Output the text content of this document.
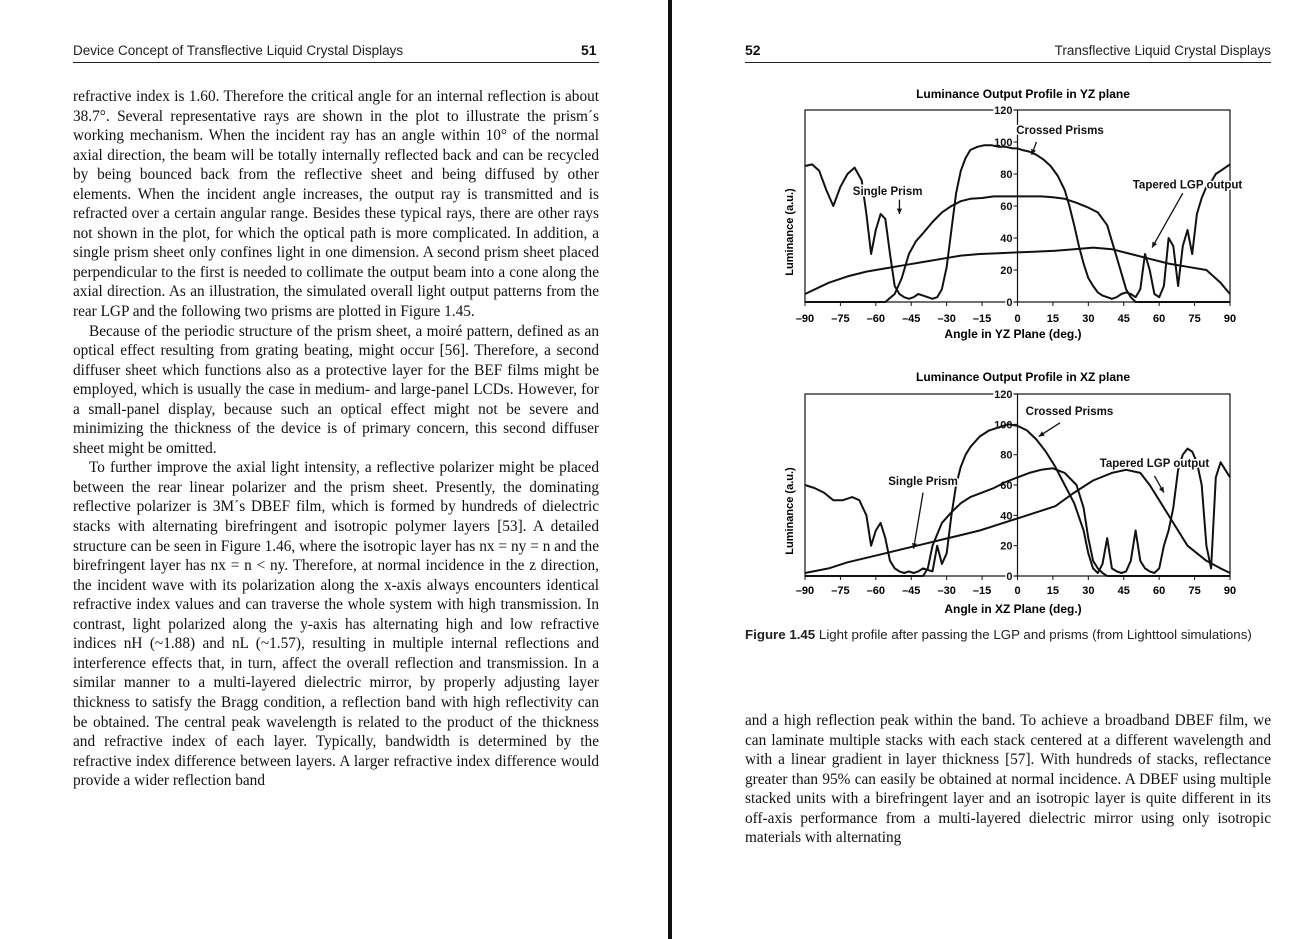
Device Concept of Transflective Liquid Crystal Displays	51

refractive index is 1.60. Therefore the critical angle for an internal reflection is about 38.7°. Several representative rays are shown in the plot to illustrate the prism´s working mechanism. When the incident ray has an angle within 10° of the normal axial direction, the beam will be totally internally reflected back and can be recycled by being bounced back from the reflective sheet and being diffused by other elements. When the incident angle increases, the output ray is transmitted and is refracted over a certain angular range. Besides these typical rays, there are other rays not shown in the plot, for which the optical path is more complicated. In addition, a single prism sheet only confines light in one dimension. A second prism sheet placed perpendicular to the first is needed to collimate the output beam into a cone along the axial direction. As an illustration, the simulated overall light output patterns from the rear LGP and the following two prisms are plotted in Figure 1.45.

Because of the periodic structure of the prism sheet, a moiré pattern, defined as an optical effect resulting from grating beating, might occur [56]. Therefore, a second diffuser sheet which functions also as a protective layer for the BEF films might be employed, which is usually the case in medium- and large-panel LCDs. However, for a small-panel display, because such an optical effect might not be severe and minimizing the thickness of the device is of primary concern, this second diffuser sheet might be omitted.

To further improve the axial light intensity, a reflective polarizer might be placed between the rear linear polarizer and the prism sheet. Presently, the dominating reflective polarizer is 3M´s DBEF film, which is formed by hundreds of dielectric stacks with alternating birefringent and isotropic polymer layers [53]. A detailed structure can be seen in Figure 1.46, where the isotropic layer has nx = ny = n and the birefringent layer has nx = n < ny. Therefore, at normal incidence in the z direction, the incident wave with its polarization along the x-axis always encounters identical refractive index values and can traverse the whole system with high transmission. In contrast, light polarized along the y-axis has alternating high and low refractive indices nH (~1.88) and nL (~1.57), resulting in multiple internal reflections and interference effects that, in turn, affect the overall reflection and transmission. In a similar manner to a multi-layered dielectric mirror, by properly adjusting layer thickness to satisfy the Bragg condition, a reflection band with high reflectivity can be obtained. The central peak wavelength is related to the product of the thickness and refractive index of each layer. Typically, bandwidth is determined by the refractive index difference between layers. A larger refractive index difference would provide a wider reflection band

52	Transflective Liquid Crystal Displays
Luminance Output Profile in YZ plane
Angle in YZ Plane (deg.)
Luminance (a.u.)
–90 –75 –60 –45 –30 –15 0 15 30 45 60 75 90
0
20
40
60
80
100
120
Crossed Prisms
Single Prism
Tapered LGP output
Luminance Output Profile in XZ plane
Angle in XZ Plane (deg.)
Luminance (a.u.)
–90 –75 –60 –45 –30 –15 0 15 30 45 60 75 90
0
20
40
60
80
100
120
Crossed Prisms
Single Prism
Tapered LGP output
Figure 1.45 Light profile after passing the LGP and prisms (from Lighttool simulations)

and a high reflection peak within the band. To achieve a broadband DBEF film, we can laminate multiple stacks with each stack centered at a different wavelength and with a linear gradient in layer thickness [57]. With hundreds of stacks, reflectance greater than 95% can easily be obtained at normal incidence. A DBEF using multiple stacked units with a birefringent layer and an isotropic layer is quite different in its off-axis performance from a multi-layered dielectric mirror using only isotropic materials with alternating
